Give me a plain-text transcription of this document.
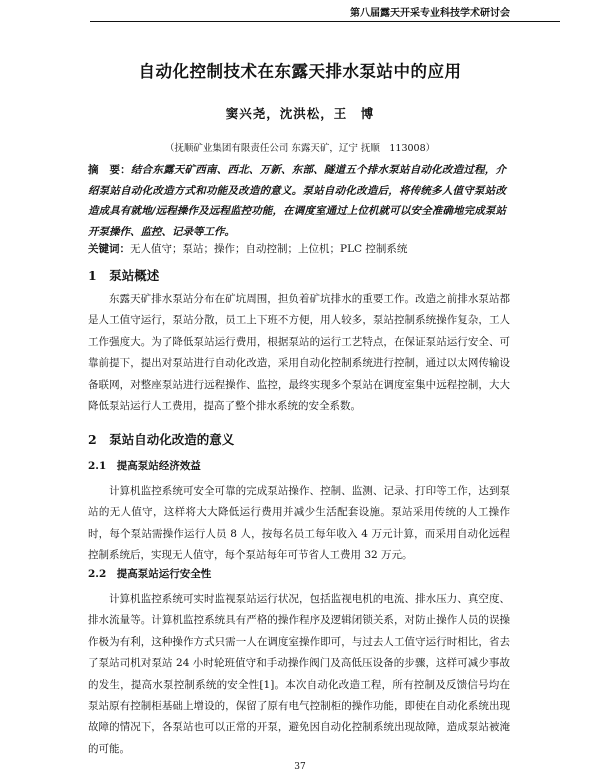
第八届露天开采专业科技学术研讨会
自动化控制技术在东露天排水泵站中的应用
窦兴尧，沈洪松，王　博
（抚顺矿业集团有限责任公司 东露天矿，辽宁 抚顺　113008）
摘　要：结合东露天矿西南、西北、万新、东部、隧道五个排水泵站自动化改造过程，介绍泵站自动化改造方式和功能及改造的意义。泵站自动化改造后，将传统多人值守泵站改造成具有就地/远程操作及远程监控功能，在调度室通过上位机就可以安全准确地完成泵站开泵操作、监控、记录等工作。
关键词：无人值守；泵站；操作；自动控制；上位机；PLC 控制系统
1　泵站概述

东露天矿排水泵站分布在矿坑周围，担负着矿坑排水的重要工作。改造之前排水泵站都是人工值守运行，泵站分散，员工上下班不方便，用人较多，泵站控制系统操作复杂，工人工作强度大。为了降低泵站运行费用，根据泵站的运行工艺特点，在保证泵站运行安全、可靠前提下，提出对泵站进行自动化改造，采用自动化控制系统进行控制，通过以太网传输设备联网，对整座泵站进行远程操作、监控，最终实现多个泵站在调度室集中远程控制，大大降低泵站运行人工费用，提高了整个排水系统的安全系数。

2　泵站自动化改造的意义
2.1　提高泵站经济效益

计算机监控系统可安全可靠的完成泵站操作、控制、监测、记录、打印等工作，达到泵站的无人值守，这样将大大降低运行费用并减少生活配套设施。泵站采用传统的人工操作时，每个泵站需操作运行人员 8 人，按每名员工每年收入 4 万元计算，而采用自动化远程控制系统后，实现无人值守，每个泵站每年可节省人工费用 32 万元。

2.2　提高泵站运行安全性

计算机监控系统可实时监视泵站运行状况，包括监视电机的电流、排水压力、真空度、排水流量等。计算机监控系统具有严格的操作程序及逻辑闭锁关系，对防止操作人员的误操作极为有利，这种操作方式只需一人在调度室操作即可，与过去人工值守运行时相比，省去了泵站司机对泵站 24 小时轮班值守和手动操作阀门及高低压设备的步骤，这样可减少事故的发生，提高水泵控制系统的安全性[1]。本次自动化改造工程，所有控制及反馈信号均在泵站原有控制柜基础上增设的，保留了原有电气控制柜的操作功能，即使在自动化系统出现故障的情况下，各泵站也可以正常的开泵，避免因自动化控制系统出现故障，造成泵站被淹的可能。

37
